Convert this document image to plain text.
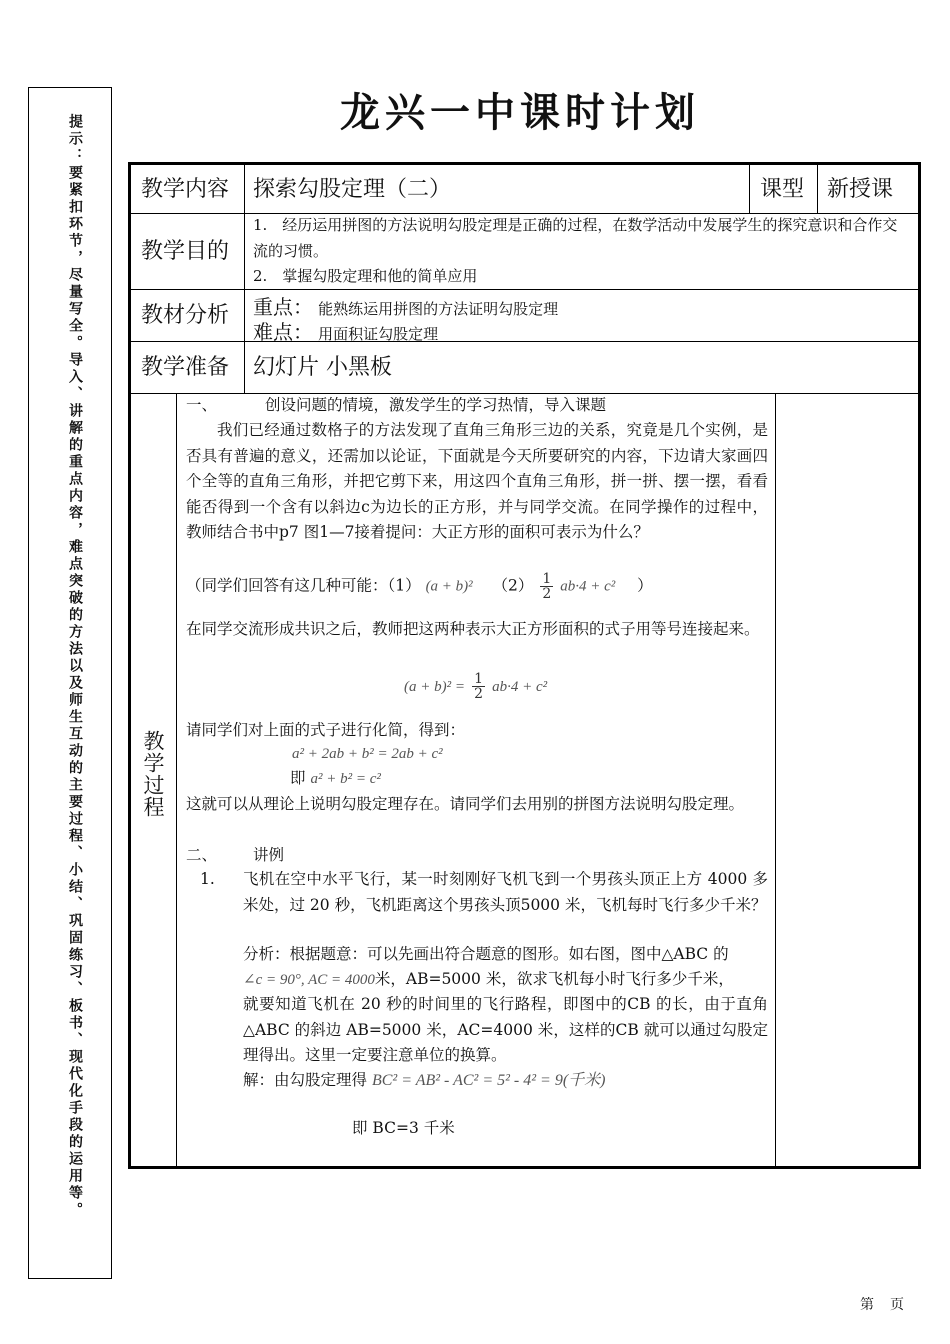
提示：要紧扣环节，尽量写全。导入、讲解的重点内容，难点突破的方法以及师生互动的主要过程、小结、巩固练习、板书、现代化手段的运用等。
龙兴一中课时计划
教学内容 探索勾股定理（二）	课型 新授课
教学目的
1.　经历运用拼图的方法说明勾股定理是正确的过程，在数学活动中发展学生的探究意识和合作交
流的习惯。
2.　掌握勾股定理和他的简单应用
教材分析 重点： 能熟练运用拼图的方法证明勾股定理
难点： 用面积证勾股定理
教学准备 幻灯片 小黑板
教学过程
一、	创设问题的情境，激发学生的学习热情，导入课题
我们已经通过数格子的方法发现了直角三角形三边的关系，究竟是几个实例，是否具有普遍的意义，还需加以论证，下面就是今天所要研究的内容，下边请大家画四个全等的直角三角形，并把它剪下来，用这四个直角三角形，拼一拼、摆一摆，看看能否得到一个含有以斜边c为边长的正方形，并与同学交流。在同学操作的过程中，教师结合书中p7 图1—7接着提问：大正方形的面积可表示为什么？
（同学们回答有这几种可能：（1） (a + b)² $(2) \frac{1}{2} ab\cdot 4 + c^2$ ）
在同学交流形成共识之后，教师把这两种表示大正方形面积的式子用等号连接起来。
$(a + b)^2 = \frac{1}{2} ab\cdot 4 + c^2$
请同学们对上面的式子进行化简，得到：
a² + 2ab + b² = 2ab + c²
即 a² + b² = c²
这就可以从理论上说明勾股定理存在。请同学们去用别的拼图方法说明勾股定理。
二、 讲例
1. 飞机在空中水平飞行，某一时刻刚好飞机飞到一个男孩头顶正上方 4000 多米处，过 20 秒，飞机距离这个男孩头顶5000 米，飞机每时飞行多少千米？
分析：根据题意：可以先画出符合题意的图形。如右图，图中△ABC 的
∠c = 90°, AC = 4000米，AB=5000 米，欲求飞机每小时飞行多少千米，
就要知道飞机在 20 秒的时间里的飞行路程，即图中的CB 的长，由于直角△ABC 的斜边 AB=5000 米，AC=4000 米，这样的CB 就可以通过勾股定理得出。这里一定要注意单位的换算。
解：由勾股定理得 BC² = AB² - AC² = 5² - 4² = 9(千米)
即 BC=3 千米
第　页
